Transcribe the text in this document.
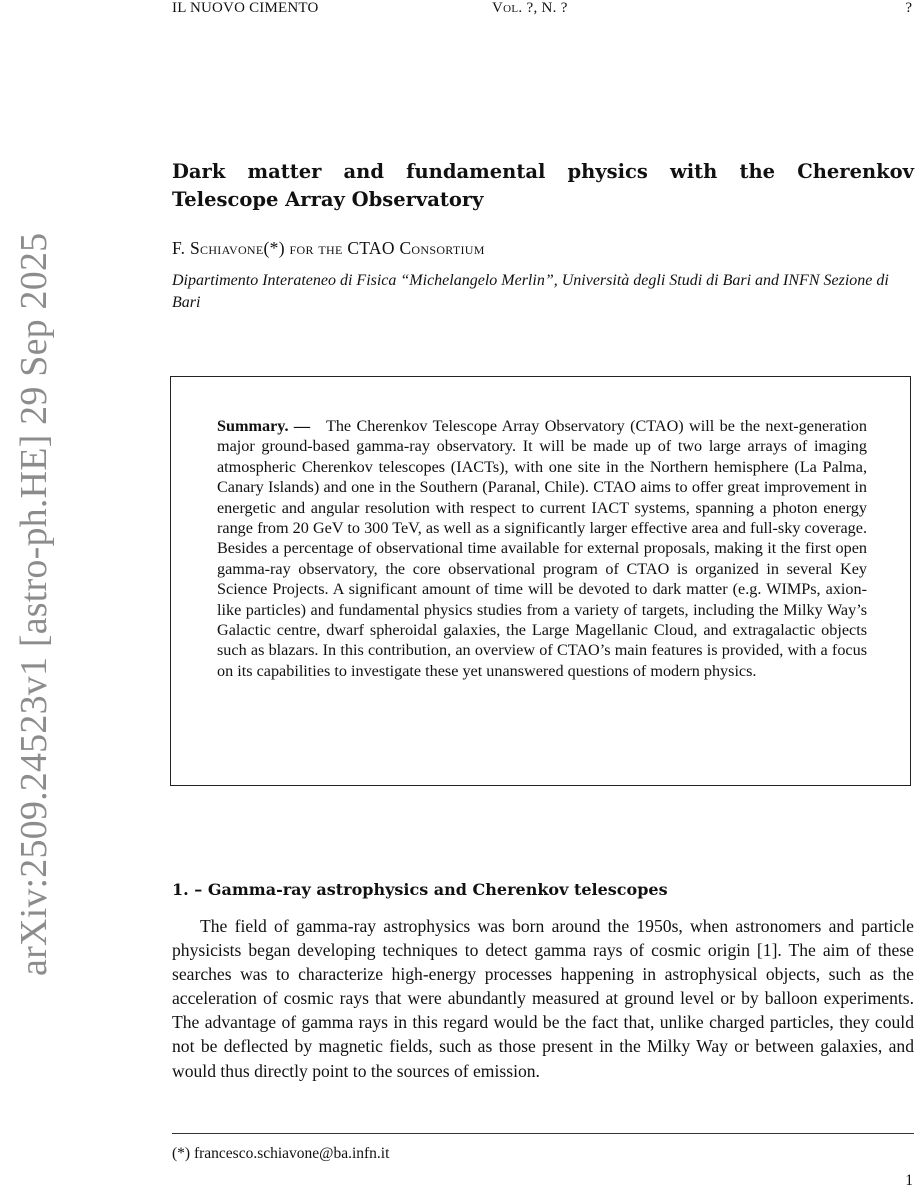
IL NUOVO CIMENTO	Vol. ?, N. ?	?
arXiv:2509.24523v1 [astro-ph.HE] 29 Sep 2025
Dark matter and fundamental physics with the Cherenkov Telescope Array Observatory
F. Schiavone(*) for the CTAO Consortium
Dipartimento Interateneo di Fisica “Michelangelo Merlin”, Università degli Studi di Bari and INFN Sezione di Bari

Summary. — The Cherenkov Telescope Array Observatory (CTAO) will be the next-generation major ground-based gamma-ray observatory. It will be made up of two large arrays of imaging atmospheric Cherenkov telescopes (IACTs), with one site in the Northern hemisphere (La Palma, Canary Islands) and one in the Southern (Paranal, Chile). CTAO aims to offer great improvement in energetic and angular resolution with respect to current IACT systems, spanning a photon energy range from 20 GeV to 300 TeV, as well as a significantly larger effective area and full-sky coverage. Besides a percentage of observational time available for external proposals, making it the first open gamma-ray observatory, the core observational program of CTAO is organized in several Key Science Projects. A significant amount of time will be devoted to dark matter (e.g. WIMPs, axion-like particles) and fundamental physics studies from a variety of targets, including the Milky Way’s Galactic centre, dwarf spheroidal galaxies, the Large Magellanic Cloud, and extragalactic objects such as blazars. In this contribution, an overview of CTAO’s main features is provided, with a focus on its capabilities to investigate these yet unanswered questions of modern physics.

1. – Gamma-ray astrophysics and Cherenkov telescopes

The field of gamma-ray astrophysics was born around the 1950s, when astronomers and particle physicists began developing techniques to detect gamma rays of cosmic origin [1]. The aim of these searches was to characterize high-energy processes happening in astrophysical objects, such as the acceleration of cosmic rays that were abundantly measured at ground level or by balloon experiments. The advantage of gamma rays in this regard would be the fact that, unlike charged particles, they could not be deflected by magnetic fields, such as those present in the Milky Way or between galaxies, and would thus directly point to the sources of emission.

(*) francesco.schiavone@ba.infn.it
1
